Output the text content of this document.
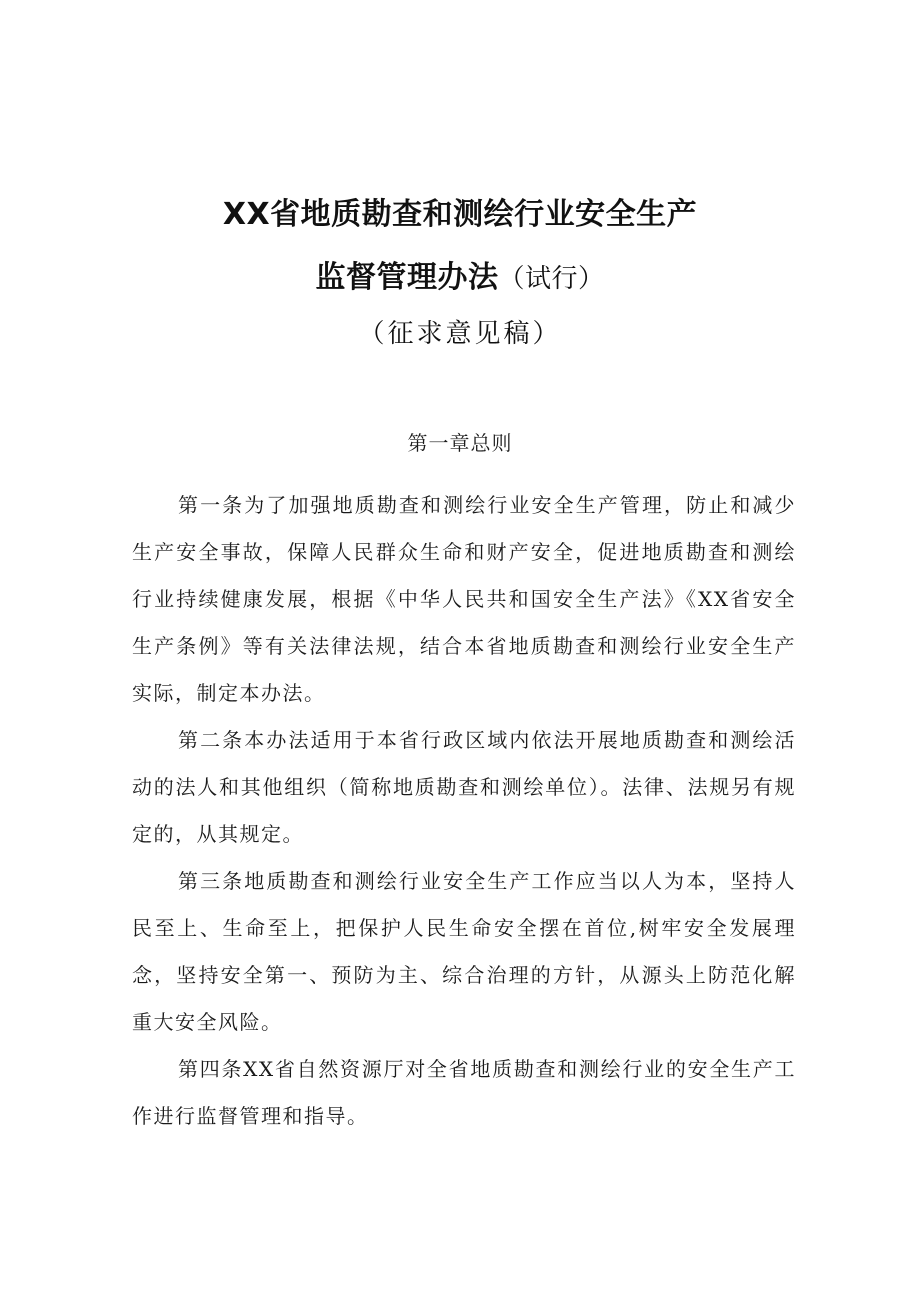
XX省地质勘查和测绘行业安全生产
监督管理办法（试行）
（征求意见稿）
第一章总则

第一条为了加强地质勘查和测绘行业安全生产管理，防止和减少生产安全事故，保障人民群众生命和财产安全，促进地质勘查和测绘行业持续健康发展，根据《中华人民共和国安全生产法》《XX省安全生产条例》等有关法律法规，结合本省地质勘查和测绘行业安全生产实际，制定本办法。

第二条本办法适用于本省行政区域内依法开展地质勘查和测绘活动的法人和其他组织（简称地质勘查和测绘单位）。法律、法规另有规定的，从其规定。

第三条地质勘查和测绘行业安全生产工作应当以人为本，坚持人民至上、生命至上，把保护人民生命安全摆在首位,树牢安全发展理念，坚持安全第一、预防为主、综合治理的方针，从源头上防范化解重大安全风险。

第四条XX省自然资源厅对全省地质勘查和测绘行业的安全生产工作进行监督管理和指导。
